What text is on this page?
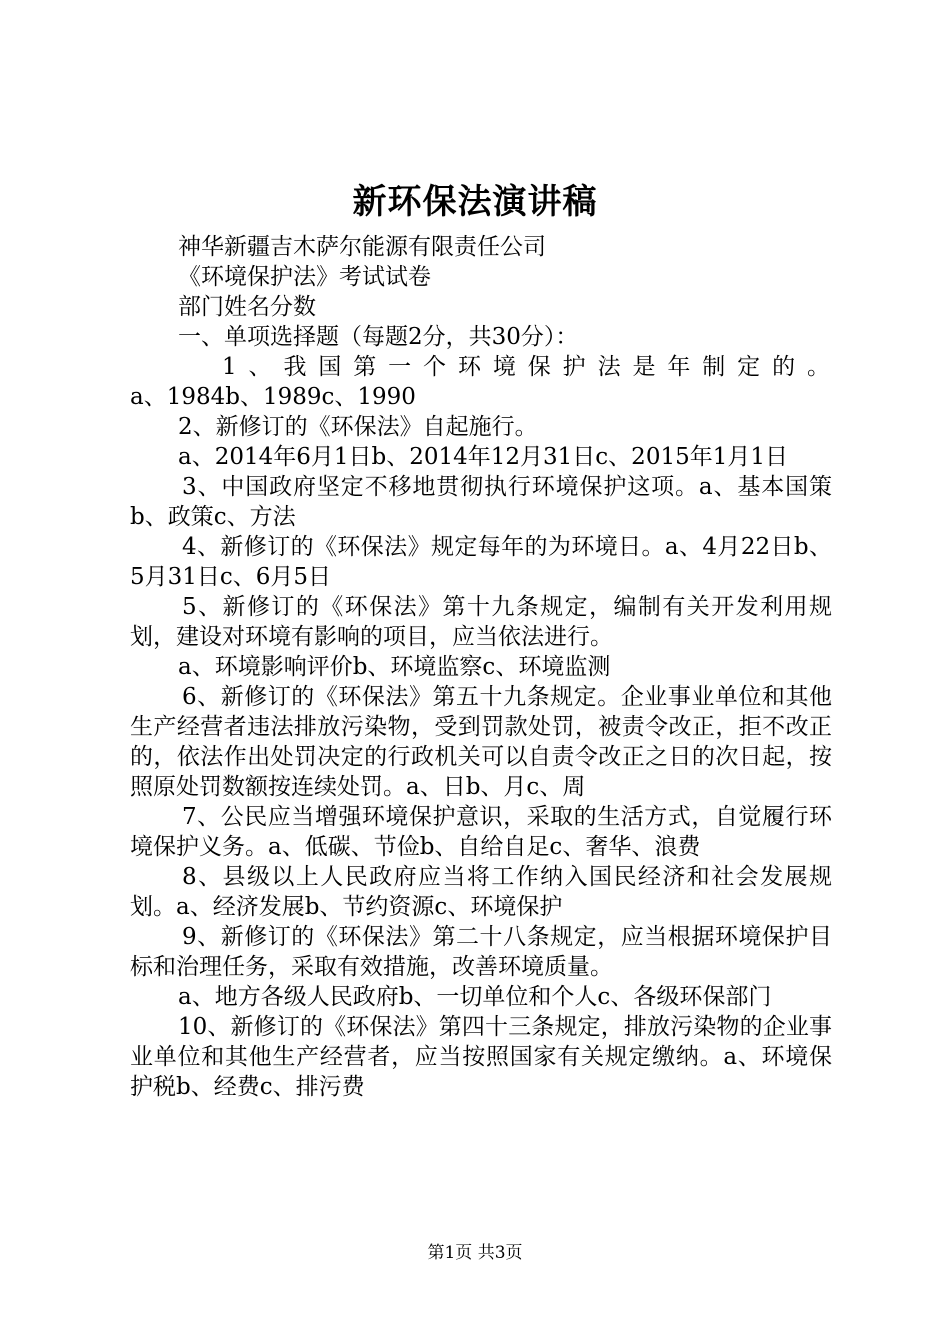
新环保法演讲稿

神华新疆吉木萨尔能源有限责任公司

《环境保护法》考试试卷

部门姓名分数

一、单项选择题（每题2分，共30分）：

1、我国第一个环境保护法是年制定的。

a、1984b、1989c、1990

2、新修订的《环保法》自起施行。

a、2014年6月1日b、2014年12月31日c、2015年1月1日

3、中国政府坚定不移地贯彻执行环境保护这项。a、基本国策b、政策c、方法

4、新修订的《环保法》规定每年的为环境日。a、4月22日b、5月31日c、6月5日

5、新修订的《环保法》第十九条规定，编制有关开发利用规划，建设对环境有影响的项目，应当依法进行。

a、环境影响评价b、环境监察c、环境监测

6、新修订的《环保法》第五十九条规定。企业事业单位和其他生产经营者违法排放污染物，受到罚款处罚，被责令改正，拒不改正的，依法作出处罚决定的行政机关可以自责令改正之日的次日起，按照原处罚数额按连续处罚。a、日b、月c、周

7、公民应当增强环境保护意识，采取的生活方式，自觉履行环境保护义务。a、低碳、节俭b、自给自足c、奢华、浪费

8、县级以上人民政府应当将工作纳入国民经济和社会发展规划。a、经济发展b、节约资源c、环境保护

9、新修订的《环保法》第二十八条规定，应当根据环境保护目标和治理任务，采取有效措施，改善环境质量。

a、地方各级人民政府b、一切单位和个人c、各级环保部门

10、新修订的《环保法》第四十三条规定，排放污染物的企业事业单位和其他生产经营者，应当按照国家有关规定缴纳。a、环境保护税b、经费c、排污费

第1页 共3页
